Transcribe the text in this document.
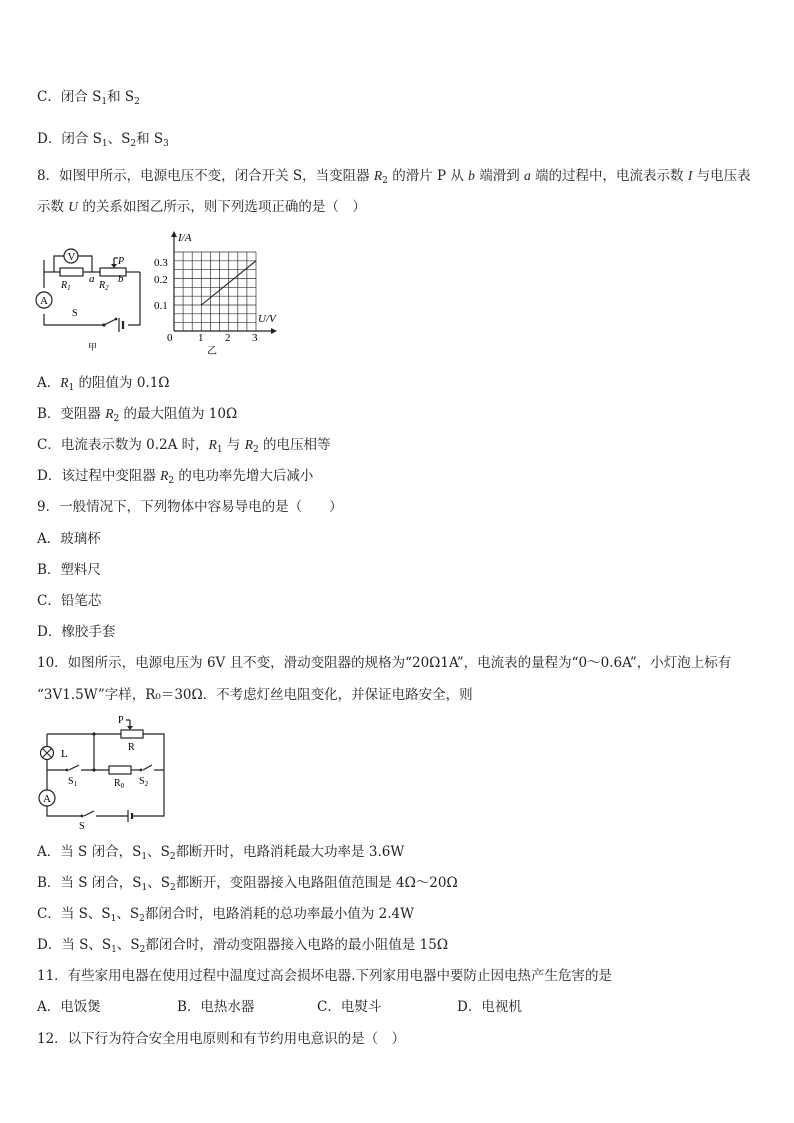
C．闭合 $S_1$和 $S_2$
D．闭合 $S_1$、$S_2$和 $S_3$
8．如图甲所示，电源电压不变，闭合开关 S，当变阻器 $R_2$ 的滑片 P 从 b 端滑到 a 端的过程中，电流表示数 I 与电压表
示数 U 的关系如图乙所示，则下列选项正确的是（　）
V
A
$R_1$	$R_2$
a b
P
S
甲
I/A
U/V
0.3
0.2
0.1
0 1 2 3
乙
A．$R_1$ 的阻值为 0.1Ω
B．变阻器 $R_2$ 的最大阻值为 10Ω
C．电流表示数为 0.2A 时，$R_1$ 与 $R_2$ 的电压相等
D．该过程中变阻器 $R_2$ 的电功率先增大后减小
9．一般情况下，下列物体中容易导电的是（　　）
A．玻璃杯
B．塑料尺
C．铅笔芯
D．橡胶手套
10．如图所示，电源电压为 6V 且不变，滑动变阻器的规格为“20Ω1A”，电流表的量程为“0～0.6A”，小灯泡上标有
“3V1.5W”字样，R₀＝30Ω．不考虑灯丝电阻变化，并保证电路安全，则
A
L
P
R
$S_1$	$R_0$ $S_2$
S
A．当 S 闭合，$S_1$、$S_2$都断开时，电路消耗最大功率是 3.6W
B．当 S 闭合，$S_1$、$S_2$都断开，变阻器接入电路阻值范围是 4Ω～20Ω
C．当 S、$S_1$、$S_2$都闭合时，电路消耗的总功率最小值为 2.4W
D．当 S、$S_1$、$S_2$都闭合时，滑动变阻器接入电路的最小阻值是 15Ω
11．有些家用电器在使用过程中温度过高会损坏电器.下列家用电器中要防止因电热产生危害的是
A．电饭煲	B．电热水器	C．电熨斗	D．电视机
12．以下行为符合安全用电原则和有节约用电意识的是（　）
